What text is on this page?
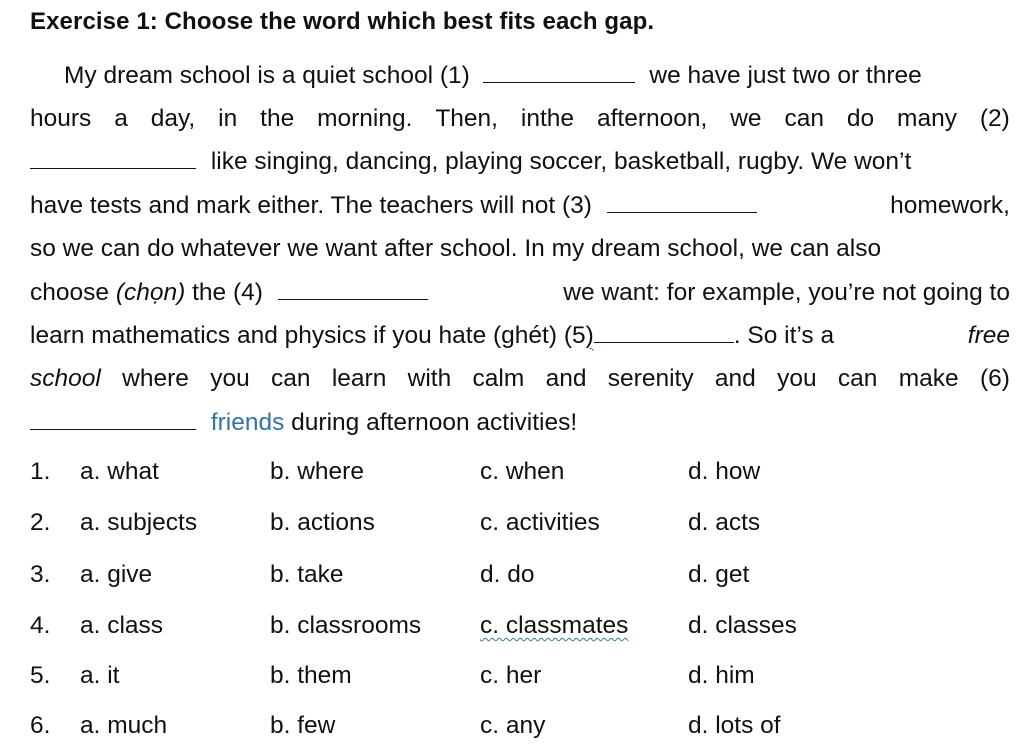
Exercise 1: Choose the word which best fits each gap.
My dream school is a quiet school (1)	we have just two or three
hours a day, in the morning. Then, inthe afternoon, we can do many (2)
like singing, dancing, playing soccer, basketball, rugby. We won’t
have tests and mark either. The teachers will not (3)	homework,
so we can do whatever we want after school. In my dream school, we can also
choose (chọn) the (4)	we want: for example, you’re not going to
learn mathematics and physics if you hate (ghét) (5)	. So it’s a	free
school where you can learn with calm and serenity and you can make (6)
friends during afternoon activities!
1. a. what	b. where	c. when	d. how
2. a. subjects	b. actions	c. activities	d. acts
3. a. give	b. take	d. do	d. get
4. a. class	b. classrooms c. classmates d. classes
5. a. it	b. them	c. her	d. him
6. a. much	b. few	c. any	d. lots of
